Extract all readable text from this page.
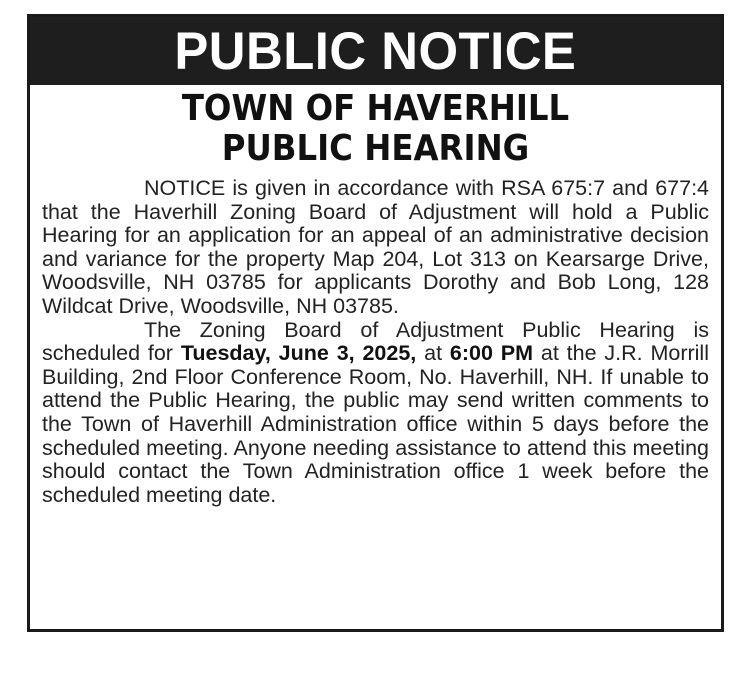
PUBLIC NOTICE
TOWN OF HAVERHILL
PUBLIC HEARING

NOTICE is given in accordance with RSA 675:7 and 677:4 that the Haverhill Zoning Board of Adjustment will hold a Public Hearing for an application for an appeal of an administrative decision and variance for the property Map 204, Lot 313 on Kearsarge Drive, Woodsville, NH 03785 for applicants Dorothy and Bob Long, 128 Wildcat Drive, Woodsville, NH 03785.

The Zoning Board of Adjustment Public Hearing is scheduled for Tuesday, June 3, 2025, at 6:00 PM at the J.R. Morrill Building, 2nd Floor Conference Room, No. Haverhill, NH. If unable to attend the Public Hearing, the public may send written comments to the Town of Haverhill Administration office within 5 days before the scheduled meeting. Anyone needing assistance to attend this meeting should contact the Town Administration office 1 week before the scheduled meeting date.
